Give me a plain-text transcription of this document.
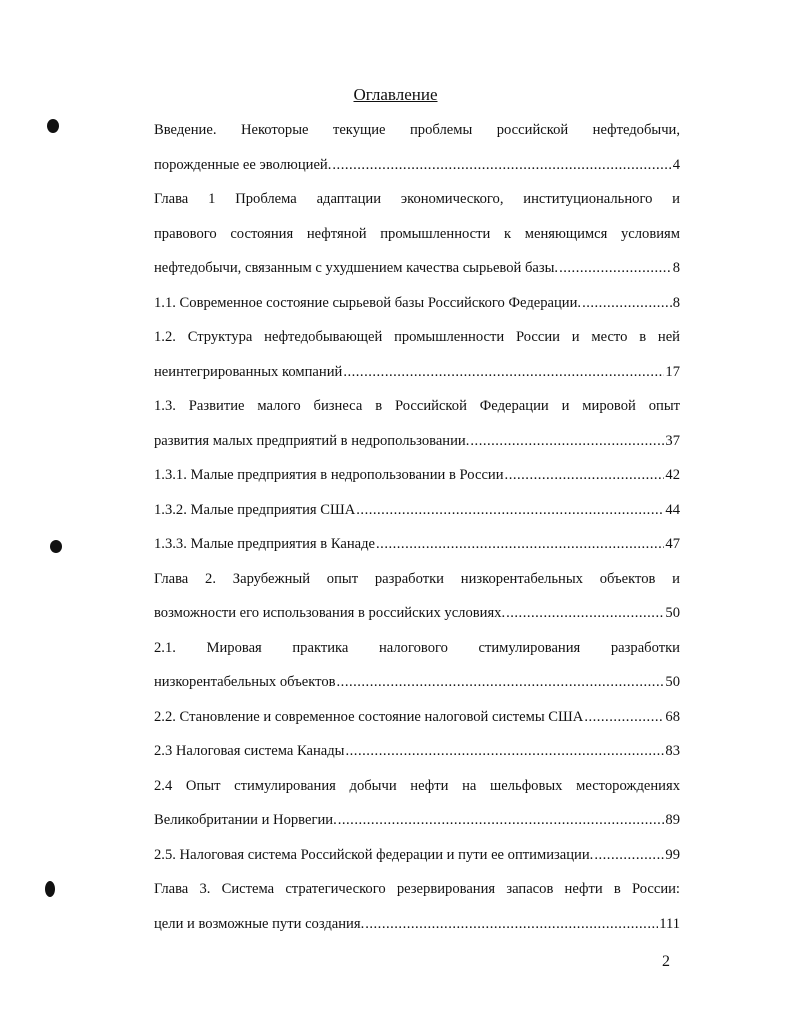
Оглавление
Введение. Некоторые текущие проблемы российской нефтедобычи,
порожденные ее эволюцией. .....	4
Глава 1 Проблема адаптации экономического, институционального и
правового состояния нефтяной промышленности к меняющимся условиям
нефтедобычи, связанным с ухудшением качества сырьевой базы. .....	8
1.1. Современное состояние сырьевой базы Российского Федерации. .....	8
1.2. Структура нефтедобывающей промышленности России и место в ней
неинтегрированных компаний .....	17
1.3. Развитие малого бизнеса в Российской Федерации и мировой опыт
развития малых предприятий в недропользовании. .....	37
1.3.1. Малые предприятия в недропользовании в России .....	42
1.3.2. Малые предприятия США .....	44
1.3.3. Малые предприятия в Канаде .....	47
Глава 2. Зарубежный опыт разработки низкорентабельных объектов и
возможности его использования в российских условиях. .....	50
2.1. Мировая практика налогового стимулирования разработки
низкорентабельных объектов .....	50
2.2. Становление и современное состояние налоговой системы США .....	68
2.3 Налоговая система Канады .....	83
2.4 Опыт стимулирования добычи нефти на шельфовых месторождениях
Великобритании и Норвегии. .....	89
2.5. Налоговая система Российской федерации и пути ее оптимизации. .....	99
Глава 3. Система стратегического резервирования запасов нефти в России:
цели и возможные пути создания. .....	111
2
